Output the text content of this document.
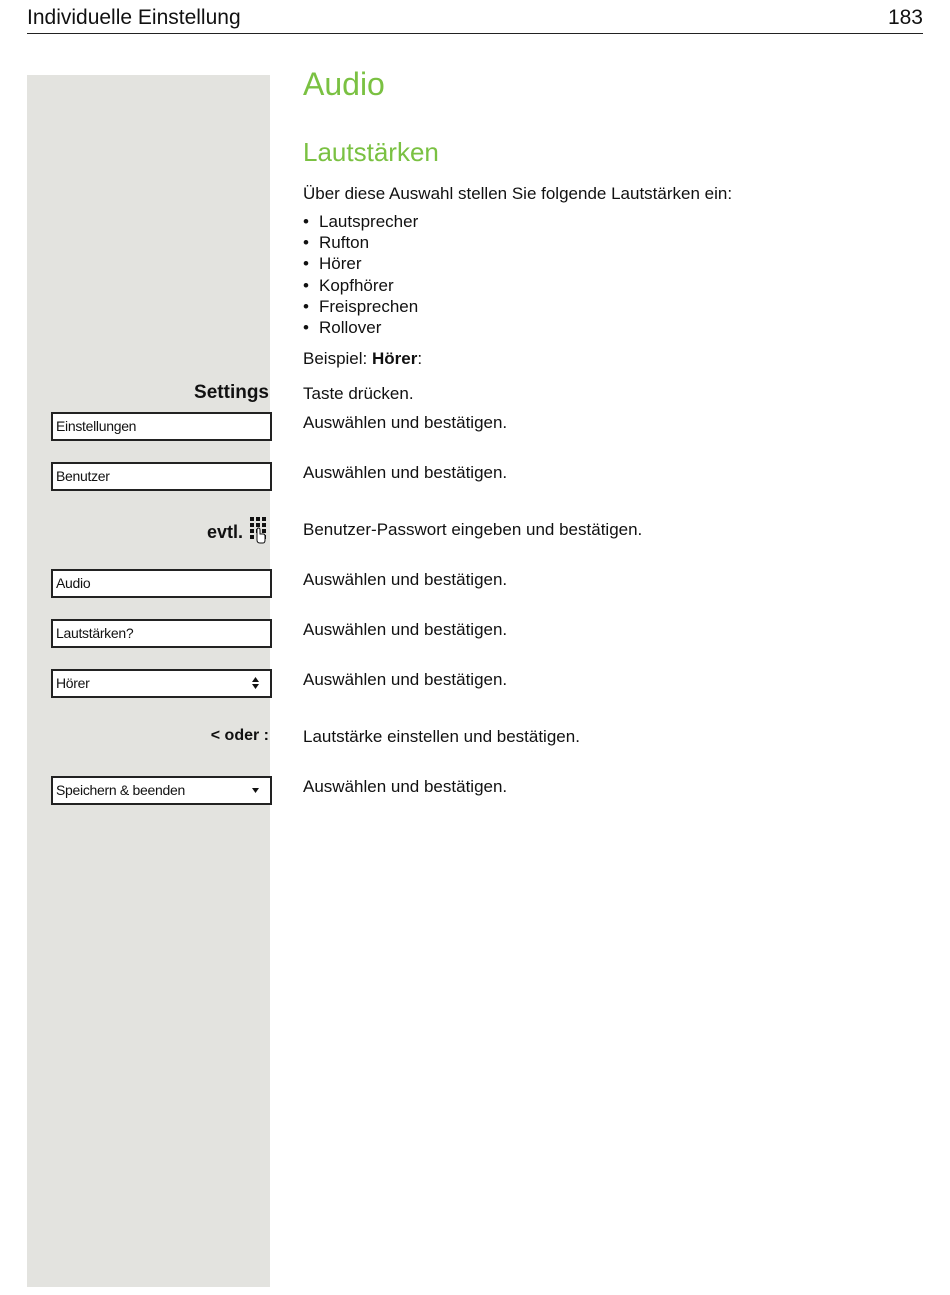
Individuelle Einstellung	183
Audio
Lautstärken
Über diese Auswahl stellen Sie folgende Lautstärken ein:
• Lautsprecher
• Rufton
• Hörer
• Kopfhörer
• Freisprechen
• Rollover
Beispiel: Hörer:
Settings Taste drücken.
Einstellungen	Auswählen und bestätigen.
Benutzer	Auswählen und bestätigen.
evtl.	Benutzer-Passwort eingeben und bestätigen.
Audio	Auswählen und bestätigen.
Lautstärken?	Auswählen und bestätigen.
Hörer	Auswählen und bestätigen.
< oder : Lautstärke einstellen und bestätigen.
Speichern & beenden	Auswählen und bestätigen.
